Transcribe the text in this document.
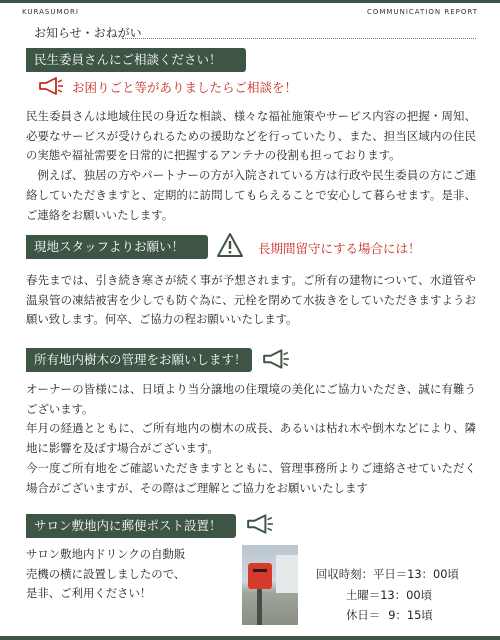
KURASUMORI	COMMUNICATION REPORT
お知らせ・おねがい
民生委員さんにご相談ください！
お困りごと等がありましたらご相談を！

民生委員さんは地域住民の身近な相談、様々な福祉施策やサービス内容の把握・周知、必要なサービスが受けられるための援助などを行っていたり、また、担当区域内の住民の実態や福祉需要を日常的に把握するアンテナの役割も担っております。

例えば、独居の方やパートナーの方が入院されている方は行政や民生委員の方にご連絡していただきますと、定期的に訪問してもらえることで安心して暮らせます。是非、ご連絡をお願いいたします。

現地スタッフよりお願い！	長期間留守にする場合には！

春先までは、引き続き寒さが続く事が予想されます。ご所有の建物について、水道管や温泉管の凍結被害を少しでも防ぐ為に、元栓を閉めて水抜きをしていただきますようお願い致します。何卒、ご協力の程お願いいたします。

所有地内樹木の管理をお願いします！

オーナーの皆様には、日頃より当分譲地の住環境の美化にご協力いただき、誠に有難うございます。

年月の経過とともに、ご所有地内の樹木の成長、あるいは枯れ木や倒木などにより、隣地に影響を及ぼす場合がございます。

今一度ご所有地をご確認いただきますとともに、管理事務所よりご連絡させていただく場合がございますが、その際はご理解とご協力をお願いいたします

サロン敷地内に郵便ポスト設置！

サロン敷地内ドリンクの自動販

売機の横に設置しましたので、

是非、ご利用ください！

回収時刻：平日＝13：00頃
土曜＝13：00頃
休日＝ 9：15頃
